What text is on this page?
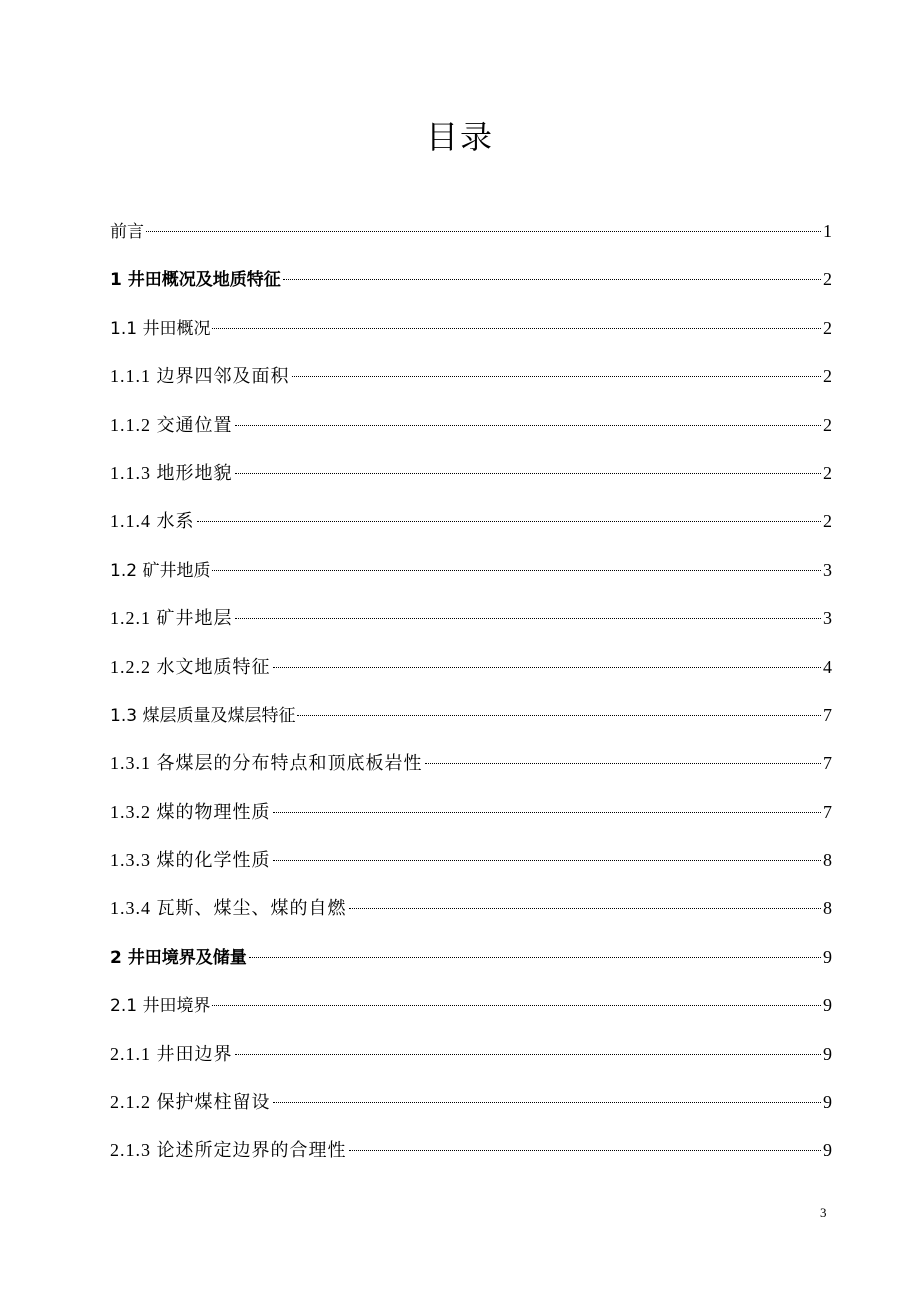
目录
前言	1
1 井田概况及地质特征	2
1.1 井田概况	2
1.1.1 边界四邻及面积	2
1.1.2 交通位置	2
1.1.3 地形地貌	2
1.1.4 水系	2
1.2 矿井地质	3
1.2.1 矿井地层	3
1.2.2 水文地质特征	4
1.3 煤层质量及煤层特征	7
1.3.1 各煤层的分布特点和顶底板岩性	7
1.3.2 煤的物理性质	7
1.3.3 煤的化学性质	8
1.3.4 瓦斯、煤尘、煤的自燃	8
2 井田境界及储量	9
2.1 井田境界	9
2.1.1 井田边界	9
2.1.2 保护煤柱留设	9
2.1.3 论述所定边界的合理性	9
3
